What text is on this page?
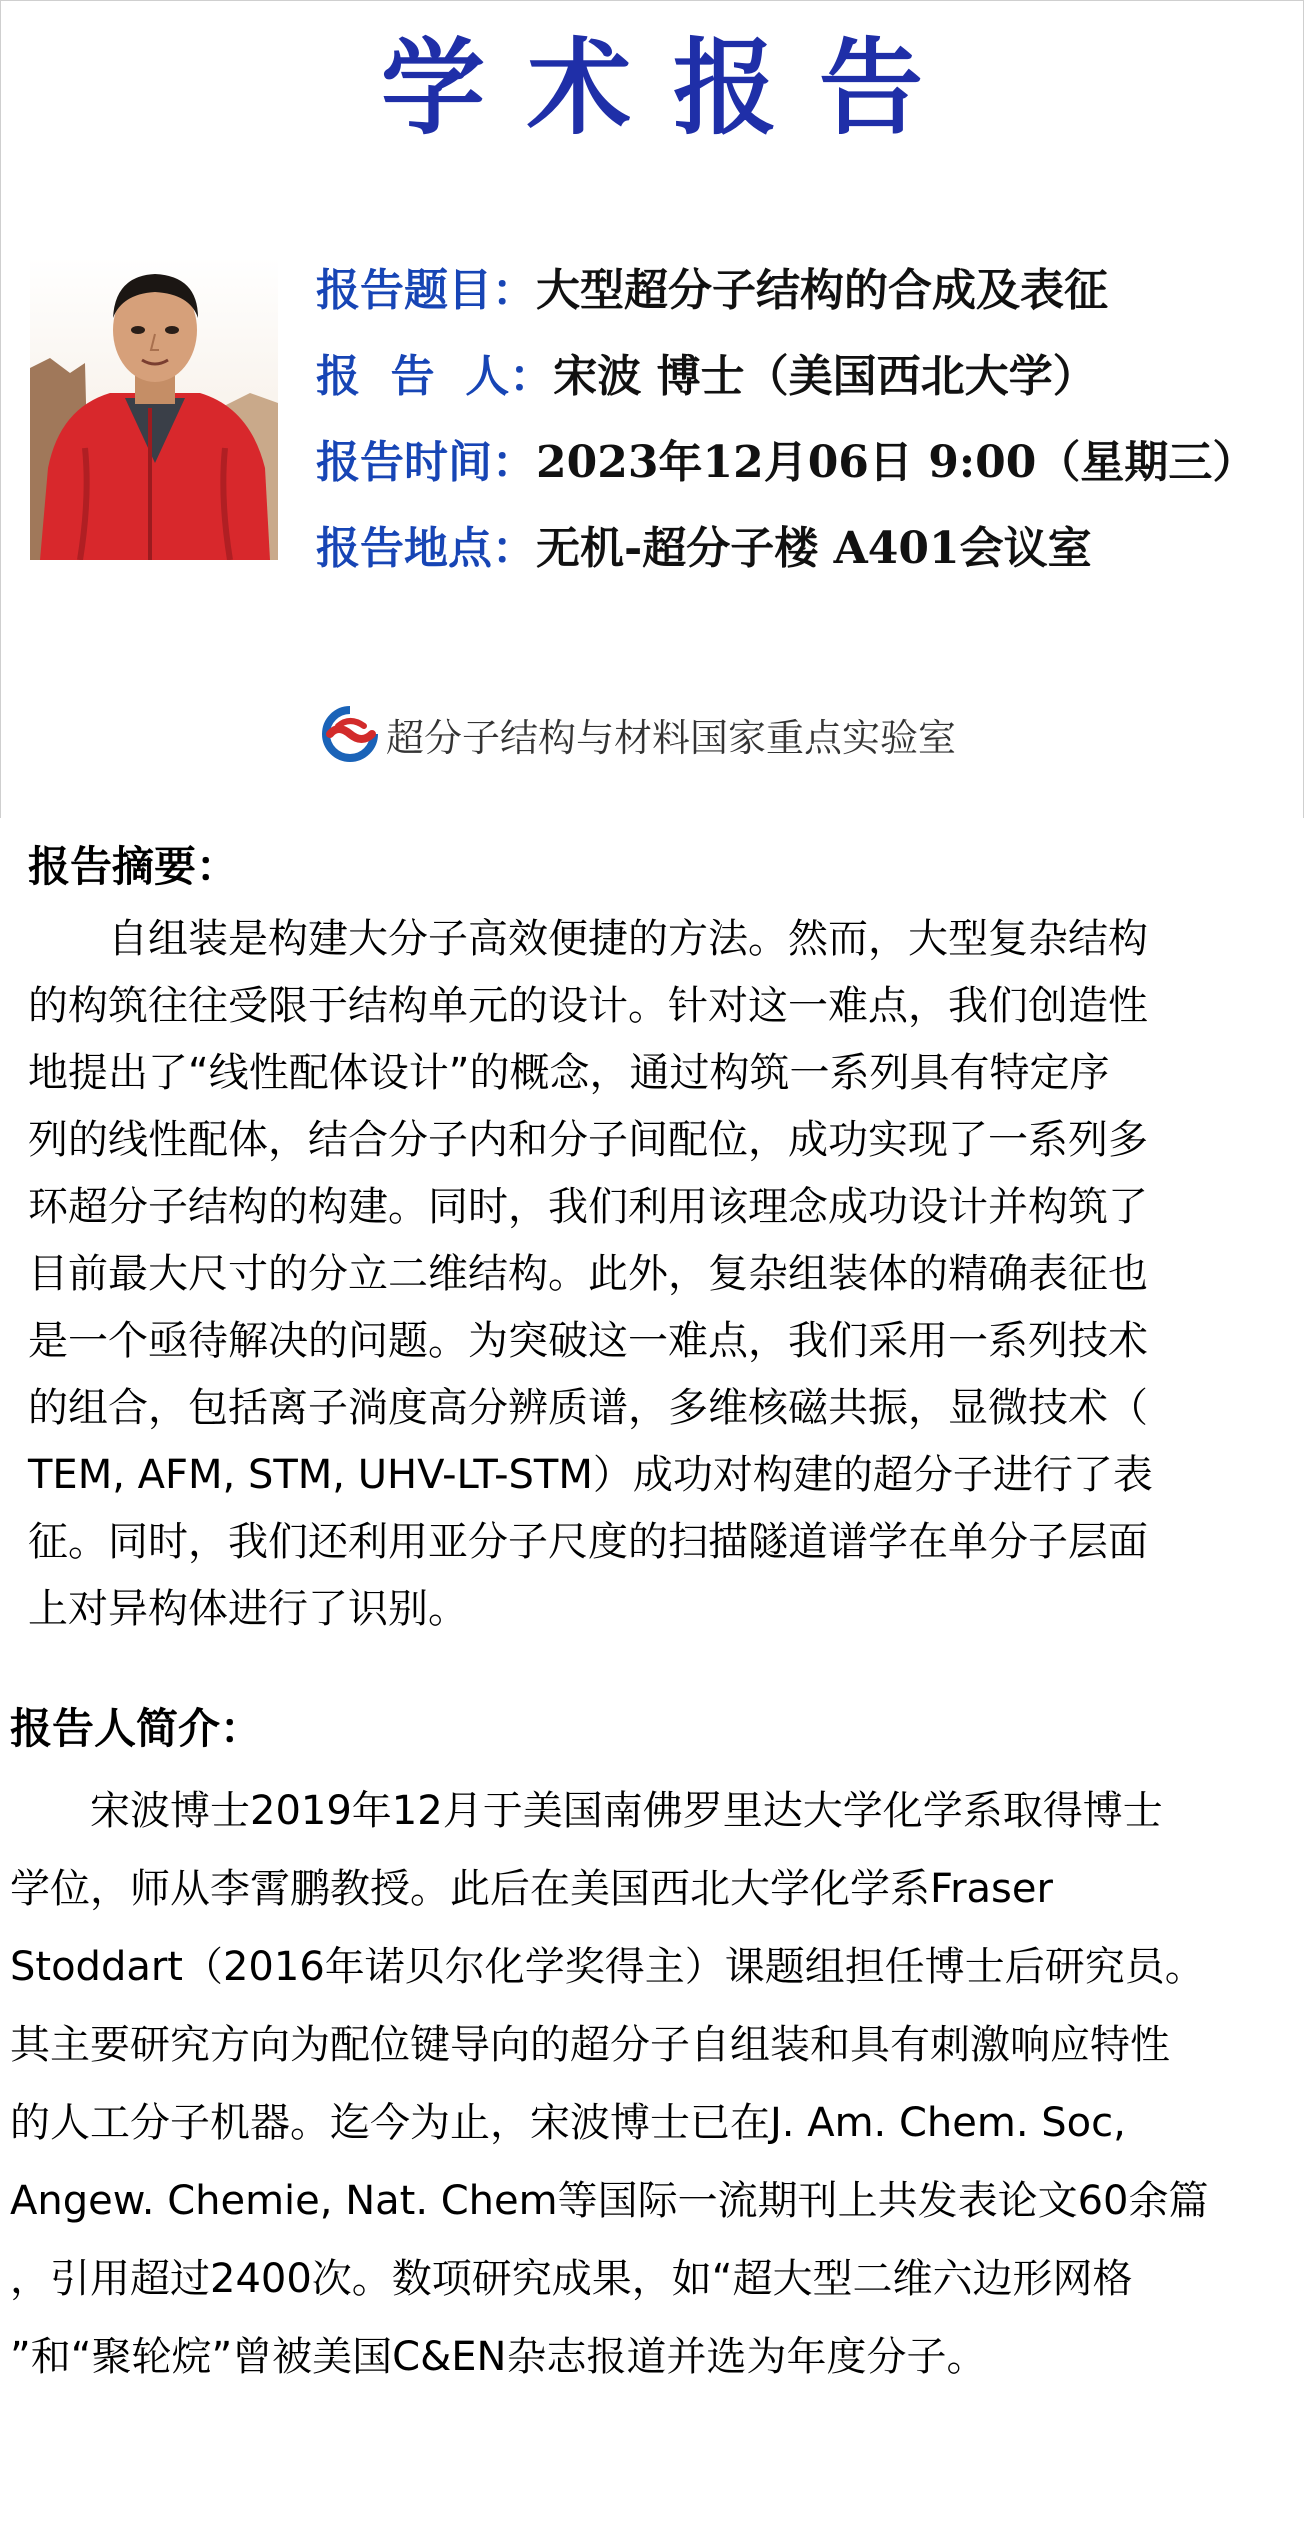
学术报告
报告题目：大型超分子结构的合成及表征
报  告  人：宋波 博士（美国西北大学）
报告时间：2023年12月06日 9:00（星期三）
报告地点：无机-超分子楼 A401会议室
超分子结构与材料国家重点实验室
报告摘要：
　　自组装是构建大分子高效便捷的方法。然而，大型复杂结构
的构筑往往受限于结构单元的设计。针对这一难点，我们创造性
地提出了“线性配体设计”的概念，通过构筑一系列具有特定序
列的线性配体，结合分子内和分子间配位，成功实现了一系列多
环超分子结构的构建。同时，我们利用该理念成功设计并构筑了
目前最大尺寸的分立二维结构。此外，复杂组装体的精确表征也
是一个亟待解决的问题。为突破这一难点，我们采用一系列技术
的组合，包括离子淌度高分辨质谱，多维核磁共振，显微技术（
TEM, AFM, STM, UHV-LT-STM）成功对构建的超分子进行了表
征。同时，我们还利用亚分子尺度的扫描隧道谱学在单分子层面
上对异构体进行了识别。
报告人简介：
　　宋波博士2019年12月于美国南佛罗里达大学化学系取得博士
学位，师从李霄鹏教授。此后在美国西北大学化学系Fraser
Stoddart（2016年诺贝尔化学奖得主）课题组担任博士后研究员。
其主要研究方向为配位键导向的超分子自组装和具有刺激响应特性
的人工分子机器。迄今为止，宋波博士已在J. Am. Chem. Soc,
Angew. Chemie, Nat. Chem等国际一流期刊上共发表论文60余篇
，引用超过2400次。数项研究成果，如“超大型二维六边形网格
”和“聚轮烷”曾被美国C&EN杂志报道并选为年度分子。
